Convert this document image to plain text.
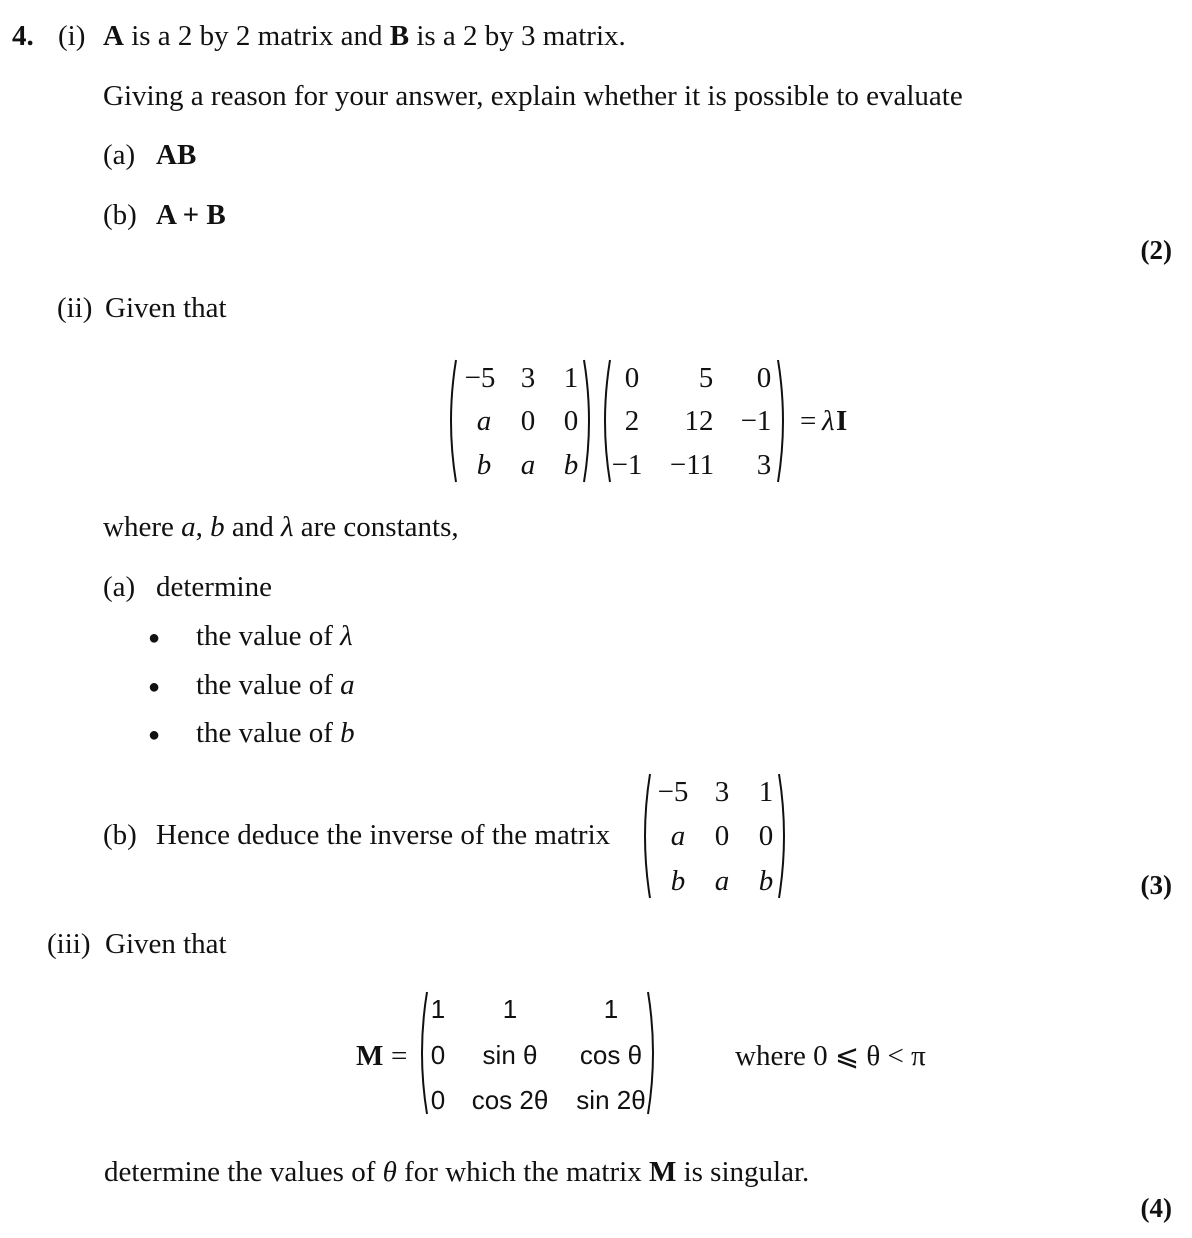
4. (i) A is a 2 by 2 matrix and B is a 2 by 3 matrix.
Giving a reason for your answer, explain whether it is possible to evaluate
(a) AB
(b) A + B
(2)
(ii) Given that
−5 3 1
a 0 0
b a b
0 5 0
2 12 −1
−1 −11 3
= λ I
where a, b and λ are constants,
(a) determine
● the value of λ
● the value of a
● the value of b
(b) Hence deduce the inverse of the matrix
−5 3 1
a 0 0
b a b	(3)
(iii) Given that
M =
1 1	1
0 sin θ cos θ
0 cos 2θ sin 2θ
where 0 ⩽ θ < π
determine the values of θ for which the matrix M is singular.
(4)
